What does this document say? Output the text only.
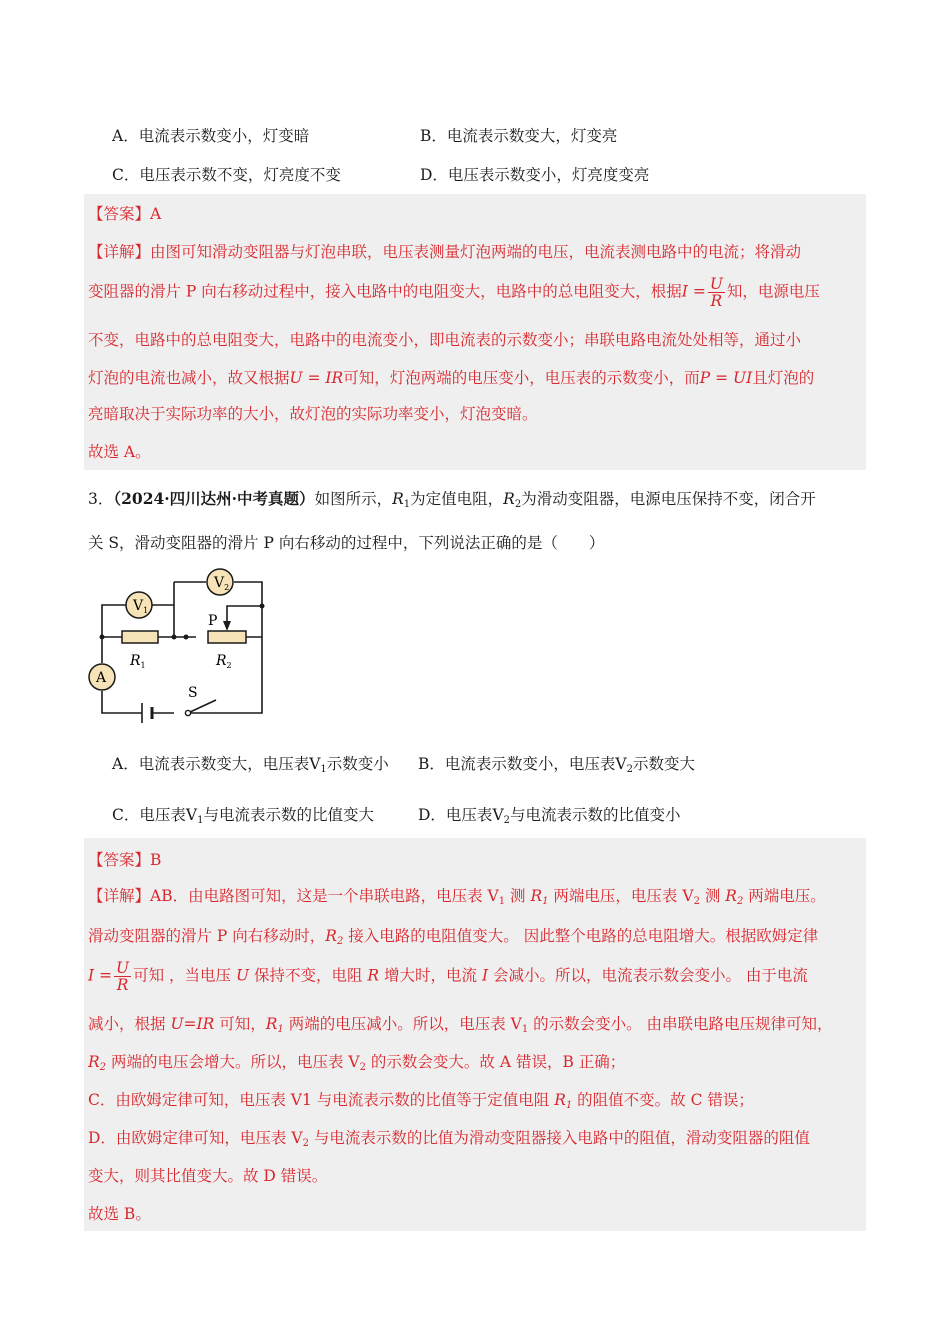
A．电流表示数变小，灯变暗	B．电流表示数变大，灯变亮
C．电压表示数不变，灯亮度不变	D．电压表示数变小，灯亮度变亮
【答案】A
【详解】由图可知滑动变阻器与灯泡串联，电压表测量灯泡两端的电压，电流表测电路中的电流；将滑动
变阻器的滑片 P 向右移动过程中，接入电路中的电阻变大，电路中的总电阻变大，根据$I = \frac{U}{R}$ 知，电源电压
不变，电路中的总电阻变大，电路中的电流变小，即电流表的示数变小；串联电路电流处处相等，通过小
灯泡的电流也减小，故又根据U = IR可知，灯泡两端的电压变小，电压表的示数变小，而P = UI且灯泡的
亮暗取决于实际功率的大小，故灯泡的实际功率变小，灯泡变暗。
故选 A。
3．（2024·四川达州·中考真题）如图所示，$R_1$为定值电阻，$R_2$为滑动变阻器，电源电压保持不变，闭合开
关 S，滑动变阻器的滑片 P 向右移动的过程中，下列说法正确的是（　　）
$V_1$
$V_2$
A
P
$R_1$	$R_2$
S
A．电流表示数变大，电压表$V_1$示数变小 B．电流表示数变小，电压表$V_2$示数变大
C．电压表$V_1$与电流表示数的比值变大	D．电压表$V_2$与电流表示数的比值变小
【答案】B
【详解】AB．由电路图可知，这是一个串联电路，电压表 $V_1$ 测 $R_1$ 两端电压，电压表 $V_2$ 测 $R_2$ 两端电压。
滑动变阻器的滑片 P 向右移动时，$R_2$ 接入电路的电阻值变大。 因此整个电路的总电阻增大。根据欧姆定律
$I = \frac{U}{R}$ 可知 ，当电压 U 保持不变，电阻 R 增大时，电流 I 会减小。所以，电流表示数会变小。 由于电流
减小，根据 U=IR 可知，$R_1$ 两端的电压减小。所以，电压表 $V_1$ 的示数会变小。 由串联电路电压规律可知，
$R_2$ 两端的电压会增大。所以，电压表 $V_2$ 的示数会变大。故 A 错误，B 正确；
C．由欧姆定律可知，电压表 V1 与电流表示数的比值等于定值电阻 $R_1$ 的阻值不变。故 C 错误；
D．由欧姆定律可知，电压表 $V_2$ 与电流表示数的比值为滑动变阻器接入电路中的阻值，滑动变阻器的阻值
变大，则其比值变大。故 D 错误。
故选 B。
